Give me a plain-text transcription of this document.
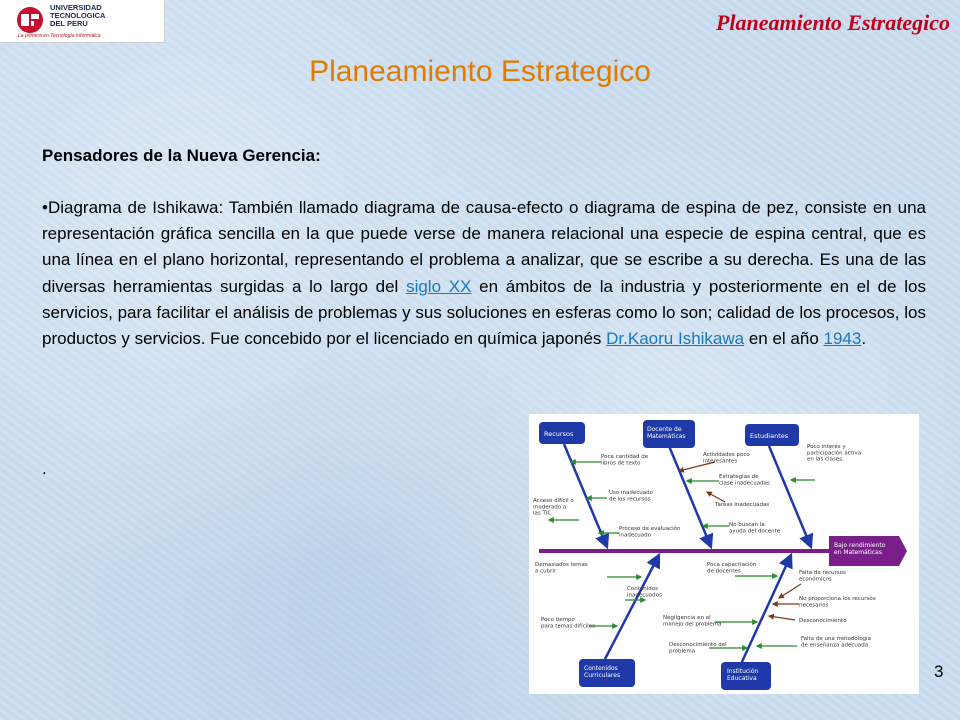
UNIVERSIDAD
TECNOLOGICA
DEL PERU
La primera en Tecnología Informática
Planeamiento Estrategico
Planeamiento Estrategico
Pensadores de la Nueva Gerencia:
•Diagrama de Ishikawa: También llamado diagrama de causa-efecto o diagrama de espina de pez, consiste en una representación gráfica sencilla en la que puede verse de manera relacional una especie de espina central, que es una línea en el plano horizontal, representando el problema a analizar, que se escribe a su derecha. Es una de las diversas herramientas surgidas a lo largo del siglo XX en ámbitos de la industria y posteriormente en el de los servicios, para facilitar el análisis de problemas y sus soluciones en esferas como lo son; calidad de los procesos, los productos y servicios. Fue concebido por el licenciado en química japonés Dr.Kaoru Ishikawa en el año 1943.
.
Bajo rendimiento en Matemáticas
Recursos
Docente de Matemáticas	Estudiantes
Contenidos Curriculares
Institución Educativa
Poca cantidad de libros de texto
Acceso difícil o moderado a las TIC
Uso inadecuado de los recursos
Actividades poco interesantes
Estrategias de clase inadecuadas
Tareas inadecuadas
Proceso de evaluación inadecuado
Poco interés y participación activa en las clases.
No buscan la ayuda del docente
Demasiados temas a cubrir
Contenidos inadecuados
Poco tiempo para temas difíciles
Poca capacitación de docentes
Negligencia en el manejo del problema
Desconocimiento del problema
Falta de recursos económicos
No proporciona los recursos necesarios
Desconocimiento
Falta de una metodología de enseñanza adecuada
3
